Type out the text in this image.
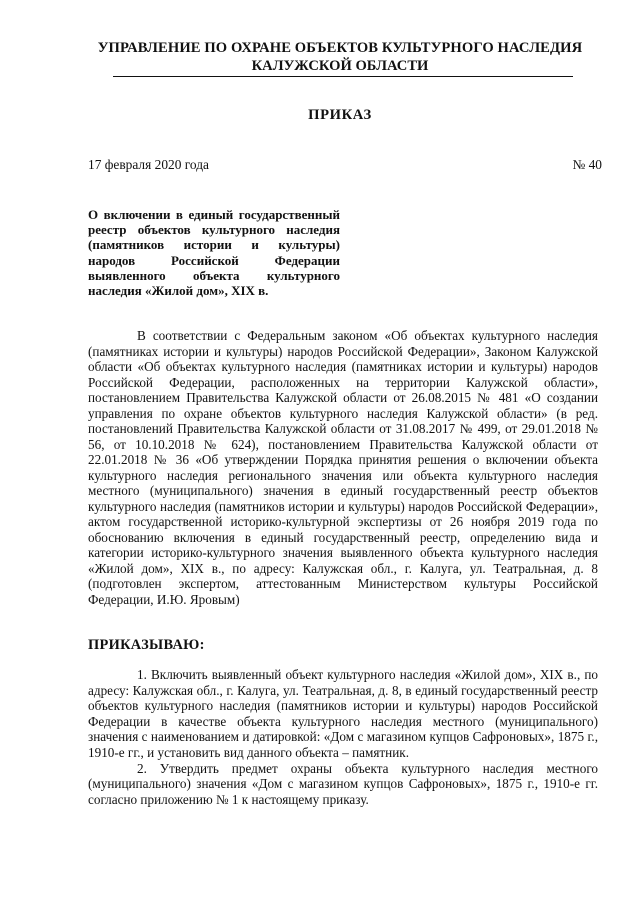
УПРАВЛЕНИЕ ПО ОХРАНЕ ОБЪЕКТОВ КУЛЬТУРНОГО НАСЛЕДИЯ
КАЛУЖСКОЙ ОБЛАСТИ
ПРИКАЗ
17 февраля 2020 года	№ 40
О включении в единый государственный реестр объектов культурного наследия (памятников истории и культуры) народов Российской Федерации выявленного объекта культурного наследия «Жилой дом», XIX в.

В соответствии с Федеральным законом «Об объектах культурного наследия (памятниках истории и культуры) народов Российской Федерации», Законом Калужской области «Об объектах культурного наследия (памятниках истории и культуры) народов Российской Федерации, расположенных на территории Калужской области», постановлением Правительства Калужской области от 26.08.2015 № 481 «О создании управления по охране объектов культурного наследия Калужской области» (в ред. постановлений Правительства Калужской области от 31.08.2017 № 499, от 29.01.2018 № 56, от 10.10.2018 № 624), постановлением Правительства Калужской области от 22.01.2018 № 36 «Об утверждении Порядка принятия решения о включении объекта культурного наследия регионального значения или объекта культурного наследия местного (муниципального) значения в единый государственный реестр объектов культурного наследия (памятников истории и культуры) народов Российской Федерации», актом государственной историко-культурной экспертизы от 26 ноября 2019 года по обоснованию включения в единый государственный реестр, определению вида и категории историко-культурного значения выявленного объекта культурного наследия «Жилой дом», XIX в., по адресу: Калужская обл., г. Калуга, ул. Театральная, д. 8 (подготовлен экспертом, аттестованным Министерством культуры Российской Федерации, И.Ю. Яровым)

ПРИКАЗЫВАЮ:

1. Включить выявленный объект культурного наследия «Жилой дом», XIX в., по адресу: Калужская обл., г. Калуга, ул. Театральная, д. 8, в единый государственный реестр объектов культурного наследия (памятников истории и культуры) народов Российской Федерации в качестве объекта культурного наследия местного (муниципального) значения с наименованием и датировкой: «Дом с магазином купцов Сафроновых», 1875 г., 1910-е гг., и установить вид данного объекта – памятник.

2. Утвердить предмет охраны объекта культурного наследия местного (муниципального) значения «Дом с магазином купцов Сафроновых», 1875 г., 1910-е гг. согласно приложению № 1 к настоящему приказу.
